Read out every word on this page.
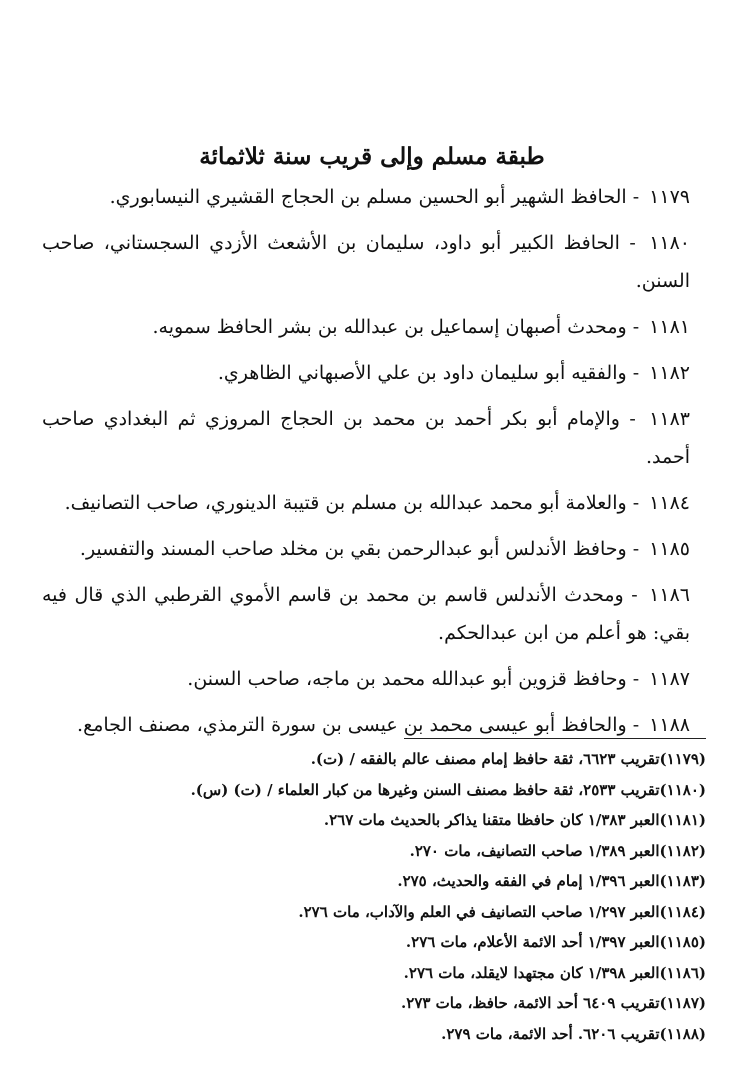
طبقة مسلم وإلى قريب سنة ثلاثمائة
١١٧٩ - الحافظ الشهير أبو الحسين مسلم بن الحجاج القشيري النيسابوري.
١١٨٠ - الحافظ الكبير أبو داود، سليمان بن الأشعث الأزدي السجستاني، صاحب السنن.
١١٨١ - ومحدث أصبهان إسماعيل بن عبدالله بن بشر الحافظ سمويه.
١١٨٢ - والفقيه أبو سليمان داود بن علي الأصبهاني الظاهري.
١١٨٣ - والإمام أبو بكر أحمد بن محمد بن الحجاج المروزي ثم البغدادي صاحب أحمد.
١١٨٤ - والعلامة أبو محمد عبدالله بن مسلم بن قتيبة الدينوري، صاحب التصانيف.
١١٨٥ - وحافظ الأندلس أبو عبدالرحمن بقي بن مخلد صاحب المسند والتفسير.
١١٨٦ - ومحدث الأندلس قاسم بن محمد بن قاسم الأموي القرطبي الذي قال فيه بقي: هو أعلم من ابن عبدالحكم.
١١٨٧ - وحافظ قزوين أبو عبدالله محمد بن ماجه، صاحب السنن.
١١٨٨ - والحافظ أبو عيسى محمد بن عيسى بن سورة الترمذي، مصنف الجامع.
(١١٧٩)تقريب ٦٦٢٣، ثقة حافظ إمام مصنف عالم بالفقه / (ت).
(١١٨٠)تقريب ٢٥٣٣، ثقة حافظ مصنف السنن وغيرها من كبار العلماء / (ت) (س).
(١١٨١)العبر ١/٣٨٣ كان حافظا متقنا يذاكر بالحديث مات ٢٦٧.
(١١٨٢)العبر ١/٣٨٩ صاحب التصانيف، مات ٢٧٠.
(١١٨٣)العبر ١/٣٩٦ إمام في الفقه والحديث، ٢٧٥.
(١١٨٤)العبر ١/٢٩٧ صاحب التصانيف في العلم والآداب، مات ٢٧٦.
(١١٨٥)العبر ١/٣٩٧ أحد الائمة الأعلام، مات ٢٧٦.
(١١٨٦)العبر ١/٣٩٨ كان مجتهدا لايقلد، مات ٢٧٦.
(١١٨٧)تقريب ٦٤٠٩ أحد الائمة، حافظ، مات ٢٧٣.
(١١٨٨)تقريب ٦٢٠٦. أحد الائمة، مات ٢٧٩.
